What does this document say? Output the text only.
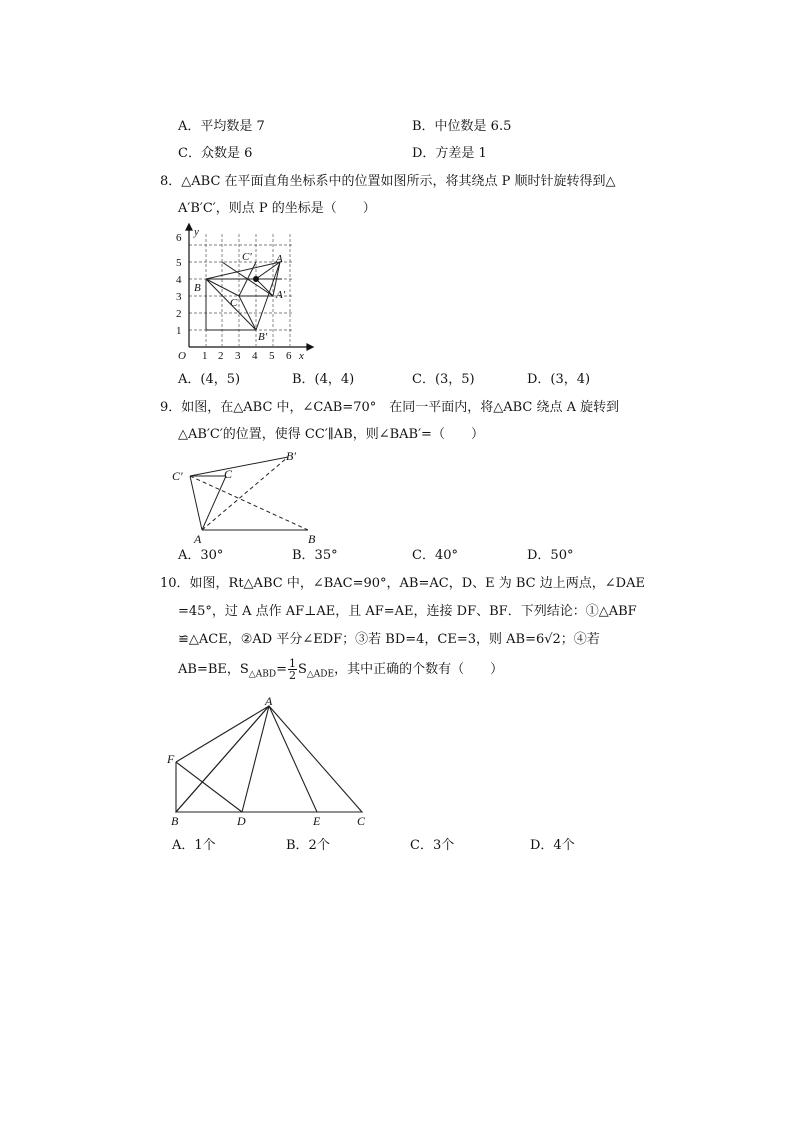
A．平均数是 7	B．中位数是 6.5
C．众数是 6	D．方差是 1
8．△ABC 在平面直角坐标系中的位置如图所示，将其绕点 P 顺时针旋转得到△
A′B′C′，则点 P 的坐标是（　　）
6
5
4
3
2
1
1 2 3 4 5 6
O	x
y
B
C
B′
C′
A′
A
A．(4，5)	B．(4，4)	C．(3，5)	D．(3，4)
9．如图，在△ABC 中，∠CAB=70°　在同一平面内，将△ABC 绕点 A 旋转到
△AB′C′的位置，使得 CC′∥AB，则∠BAB′=（　　）
C′	C
B′
A	B
A．30°	B．35°	C．40°	D．50°
10．如图，Rt△ABC 中，∠BAC=90°，AB=AC，D、E 为 BC 边上两点，∠DAE
=45°，过 A 点作 AF⊥AE，且 AF=AE，连接 DF、BF．下列结论：①△ABF
≌△ACE，②AD 平分∠EDF；③若 BD=4，CE=3，则 AB=6√2；④若
AB=BE，$S_{\triangle ABD}= \frac{1}{2} S_{\triangle ADE}$，其中正确的个数有（　　）
A
F
B	D	E	C
A．1个	B．2个	C．3个	D．4个
